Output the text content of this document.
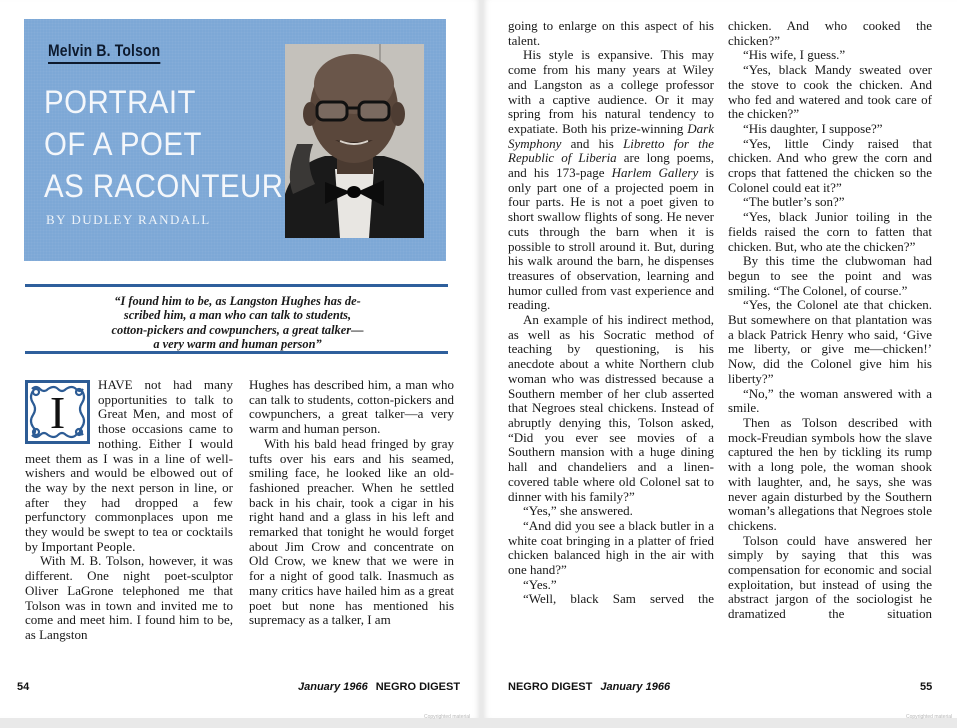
Melvin B. Tolson
PORTRAIT
OF A POET
AS RACONTEUR
BY DUDLEY RANDALL
“I found him to be, as Langston Hughes has de-
scribed him, a man who can talk to students,
cotton-pickers and cowpunchers, a great talker—
a very warm and human person”
I

HAVE not had many opportunities to talk to Great Men, and most of those occasions came to nothing. Either I would meet them as I was in a line of well-wishers and would be elbowed out of the way by the next person in line, or after they had dropped a few perfunctory commonplaces upon me they would be swept to tea or cocktails by Important People.

With M. B. Tolson, however, it was different. One night poet-sculptor Oliver LaGrone telephoned me that Tolson was in town and invited me to come and meet him. I found him to be, as Langston

Hughes has described him, a man who can talk to students, cotton-pickers and cowpunchers, a great talker—a very warm and human person.

With his bald head fringed by gray tufts over his ears and his seamed, smiling face, he looked like an old-fashioned preacher. When he settled back in his chair, took a cigar in his right hand and a glass in his left and remarked that tonight he would forget about Jim Crow and concentrate on Old Crow, we knew that we were in for a night of good talk. Inasmuch as many critics have hailed him as a great poet but none has mentioned his supremacy as a talker, I am

54	January 1966 NEGRO DIGEST
Copyrighted material

going to enlarge on this aspect of his talent.

His style is expansive. This may come from his many years at Wiley and Langston as a college professor with a captive audience. Or it may spring from his natural tendency to expatiate. Both his prize-winning Dark Symphony and his Libretto for the Republic of Liberia are long poems, and his 173-page Harlem Gallery is only part one of a projected poem in four parts. He is not a poet given to short swallow flights of song. He never cuts through the barn when it is possible to stroll around it. But, during his walk around the barn, he dispenses treasures of observation, learning and humor culled from vast experience and reading.

An example of his indirect method, as well as his Socratic method of teaching by questioning, is his anecdote about a white Northern club woman who was distressed because a Southern member of her club asserted that Negroes steal chickens. Instead of abruptly denying this, Tolson asked, “Did you ever see movies of a Southern mansion with a huge dining hall and chandeliers and a linen-covered table where old Colonel sat to dinner with his family?”

“Yes,” she answered.

“And did you see a black butler in a white coat bringing in a platter of fried chicken balanced high in the air with one hand?”

“Yes.”

“Well, black Sam served the

chicken. And who cooked the chicken?”

“His wife, I guess.”

“Yes, black Mandy sweated over the stove to cook the chicken. And who fed and watered and took care of the chicken?”

“His daughter, I suppose?”

“Yes, little Cindy raised that chicken. And who grew the corn and crops that fattened the chicken so the Colonel could eat it?”

“The butler’s son?”

“Yes, black Junior toiling in the fields raised the corn to fatten that chicken. But, who ate the chicken?”

By this time the clubwoman had begun to see the point and was smiling. “The Colonel, of course.”

“Yes, the Colonel ate that chicken. But somewhere on that plantation was a black Patrick Henry who said, ‘Give me liberty, or give me—chicken!’ Now, did the Colonel give him his liberty?”

“No,” the woman answered with a smile.

Then as Tolson described with mock-Freudian symbols how the slave captured the hen by tickling its rump with a long pole, the woman shook with laughter, and, he says, she was never again disturbed by the Southern woman’s allegations that Negroes stole chickens.

Tolson could have answered her simply by saying that this was compensation for economic and social exploitation, but instead of using the abstract jargon of the sociologist he dramatized the situation

NEGRO DIGEST January 1966	55
Copyrighted material
